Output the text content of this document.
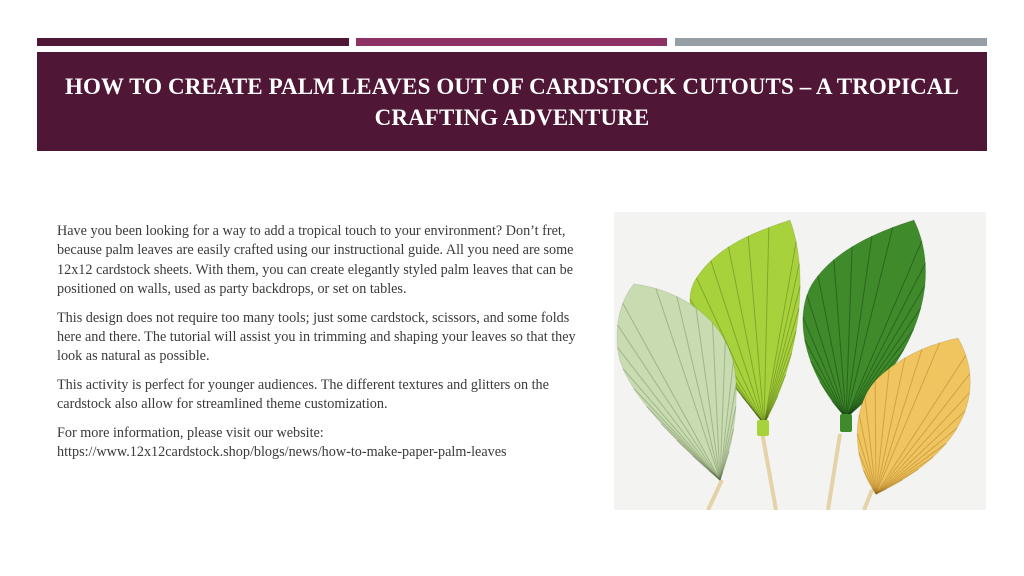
HOW TO CREATE PALM LEAVES OUT OF CARDSTOCK CUTOUTS – A TROPICAL CRAFTING ADVENTURE

Have you been looking for a way to add a tropical touch to your environment? Don’t fret, because palm leaves are easily crafted using our instructional guide. All you need are some 12x12 cardstock sheets. With them, you can create elegantly styled palm leaves that can be positioned on walls, used as party backdrops, or set on tables.

This design does not require too many tools; just some cardstock, scissors, and some folds here and there. The tutorial will assist you in trimming and shaping your leaves so that they look as natural as possible.

This activity is perfect for younger audiences. The different textures and glitters on the cardstock also allow for streamlined theme customization.

For more information, please visit our website:
https://www.12x12cardstock.shop/blogs/news/how-to-make-paper-palm-leaves
